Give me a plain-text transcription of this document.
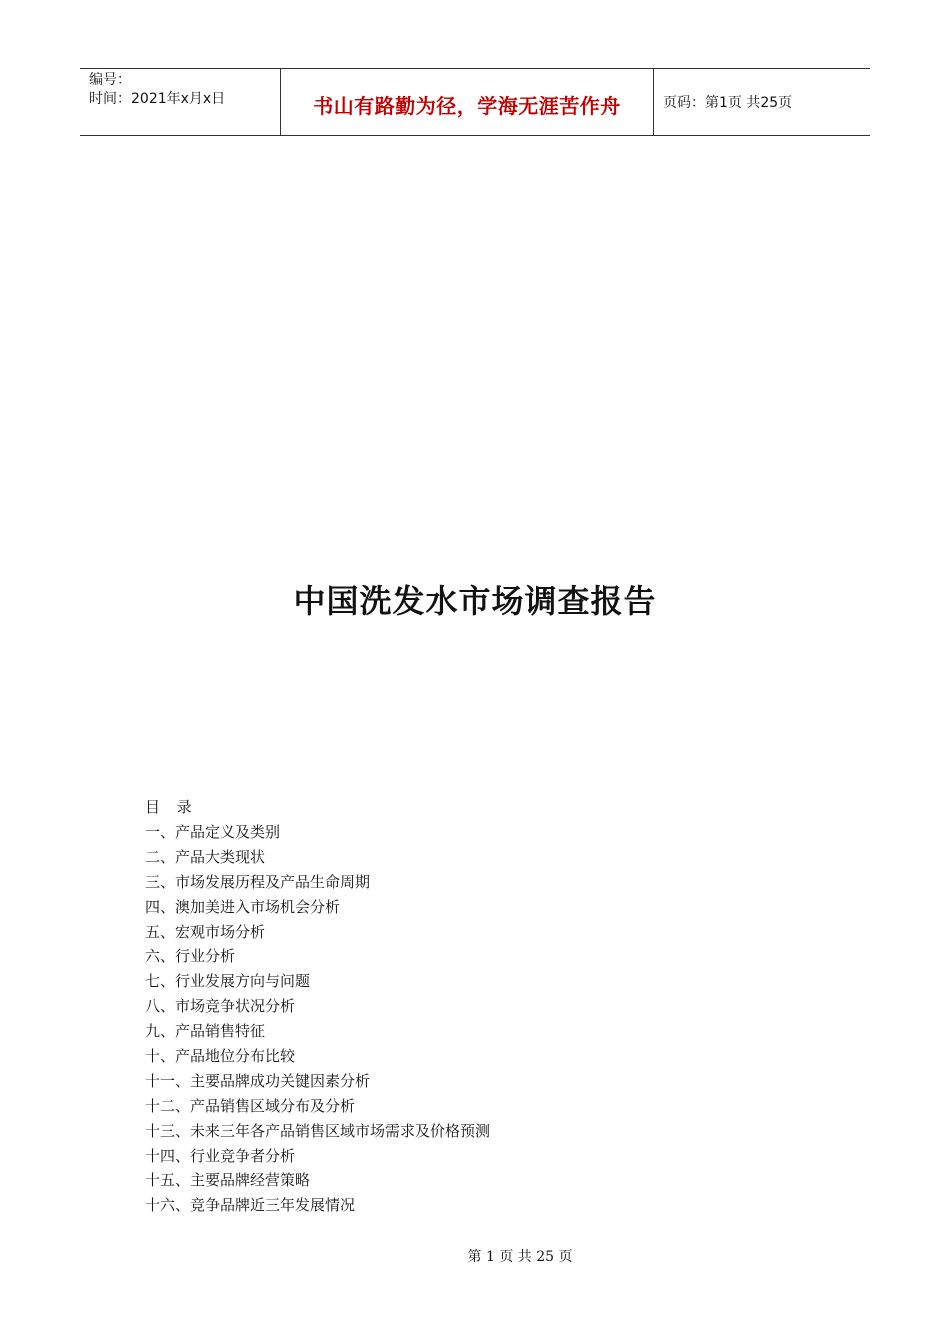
编号：
时间：2021年x月x日	书山有路勤为径，学海无涯苦作舟	页码：第1页 共25页
中国洗发水市场调查报告
目 录
一、产品定义及类别
二、产品大类现状
三、市场发展历程及产品生命周期
四、澳加美进入市场机会分析
五、宏观市场分析
六、行业分析
七、行业发展方向与问题
八、市场竞争状况分析
九、产品销售特征
十、产品地位分布比较
十一、主要品牌成功关键因素分析
十二、产品销售区域分布及分析
十三、未来三年各产品销售区域市场需求及价格预测
十四、行业竞争者分析
十五、主要品牌经营策略
十六、竞争品牌近三年发展情况
第 1 页 共 25 页
